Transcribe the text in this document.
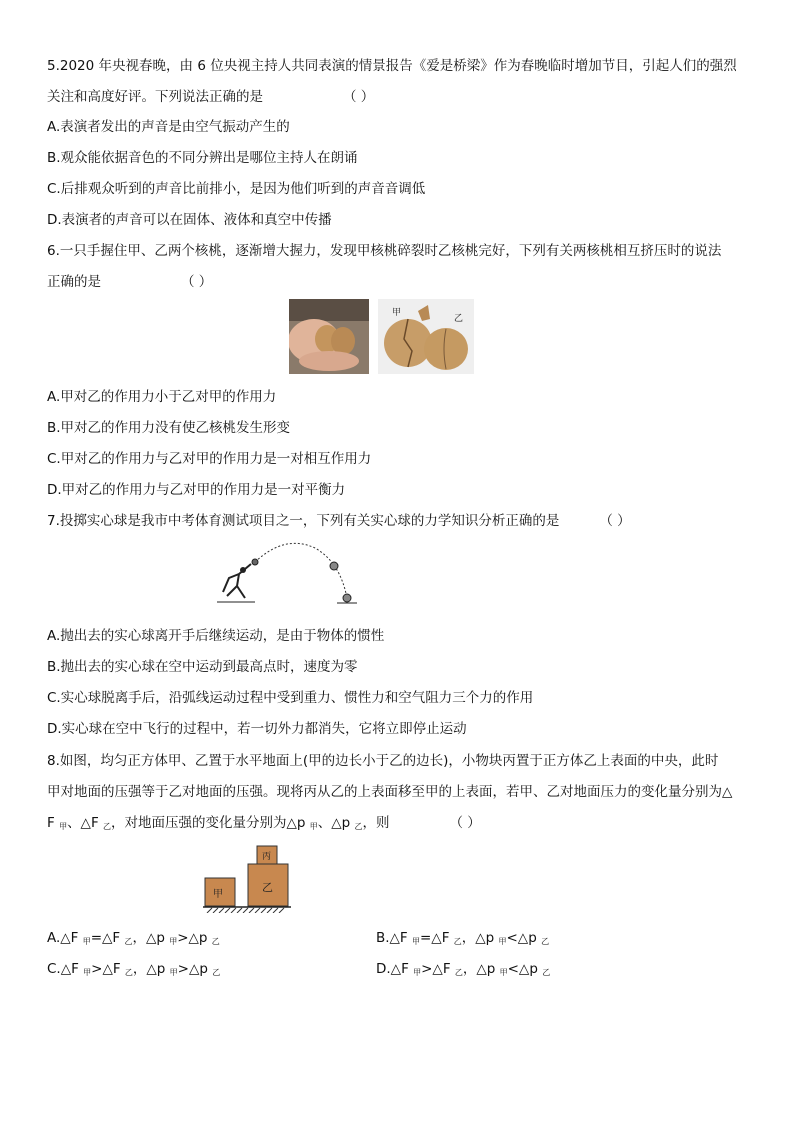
5.2020 年央视春晚，由 6 位央视主持人共同表演的情景报告《爱是桥梁》作为春晚临时增加节目，引起人们的强烈
关注和高度好评。下列说法正确的是	（ ）
A.表演者发出的声音是由空气振动产生的
B.观众能依据音色的不同分辨出是哪位主持人在朗诵
C.后排观众听到的声音比前排小，是因为他们听到的声音音调低
D.表演者的声音可以在固体、液体和真空中传播
6.一只手握住甲、乙两个核桃，逐渐增大握力，发现甲核桃碎裂时乙核桃完好，下列有关两核桃相互挤压时的说法
正确的是	（ ）
甲
乙
A.甲对乙的作用力小于乙对甲的作用力
B.甲对乙的作用力没有使乙核桃发生形变
C.甲对乙的作用力与乙对甲的作用力是一对相互作用力
D.甲对乙的作用力与乙对甲的作用力是一对平衡力
7.投掷实心球是我市中考体育测试项目之一，下列有关实心球的力学知识分析正确的是	（ ）
A.抛出去的实心球离开手后继续运动，是由于物体的惯性
B.抛出去的实心球在空中运动到最高点时，速度为零
C.实心球脱离手后，沿弧线运动过程中受到重力、惯性力和空气阻力三个力的作用
D.实心球在空中飞行的过程中，若一切外力都消失，它将立即停止运动
8.如图，均匀正方体甲、乙置于水平地面上(甲的边长小于乙的边长)，小物块丙置于正方体乙上表面的中央，此时
甲对地面的压强等于乙对地面的压强。现将丙从乙的上表面移至甲的上表面，若甲、乙对地面压力的变化量分别为△
F $_甲$、△F $_乙$，对地面压强的变化量分别为△p $_甲$、△p $_乙$，则	（ ）
甲
乙
丙
A.△F $_甲$=△F $_乙$，△p $_甲$>△p $_乙$	B.△F $_甲$=△F $_乙$，△p $_甲$<△p $_乙$
C.△F $_甲$>△F $_乙$，△p $_甲$>△p $_乙$	D.△F $_甲$>△F $_乙$，△p $_甲$<△p $_乙$
